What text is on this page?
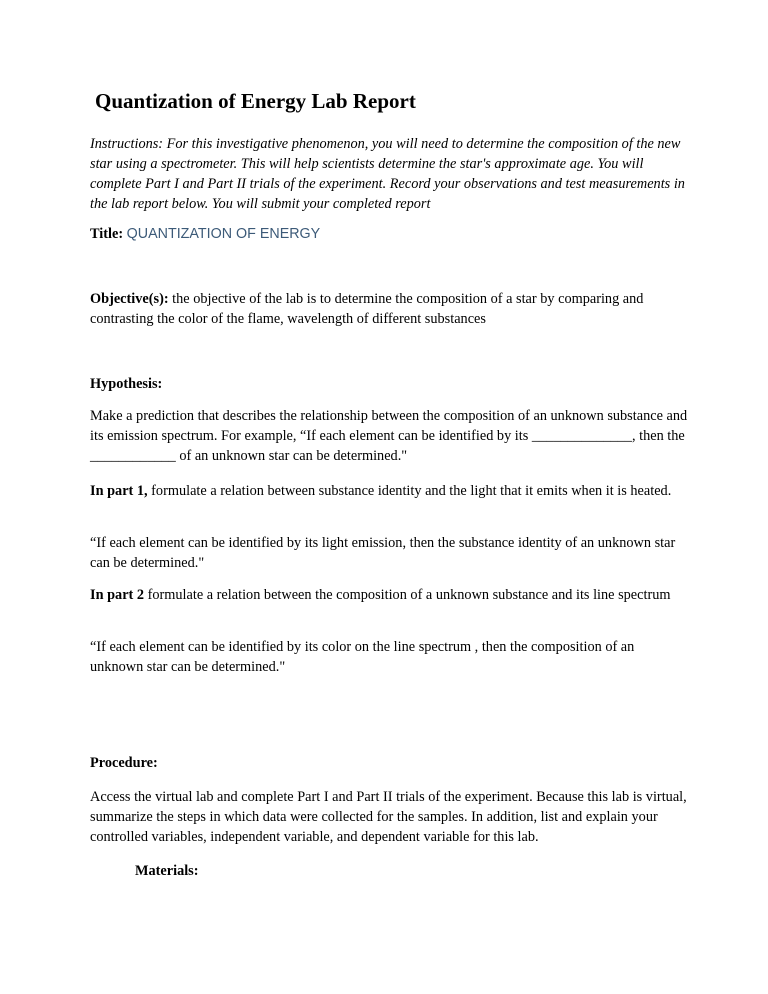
Quantization of Energy Lab Report

Instructions: For this investigative phenomenon, you will need to determine the composition of the new star using a spectrometer. This will help scientists determine the star's approximate age. You will complete Part I and Part II trials of the experiment. Record your observations and test measurements in the lab report below. You will submit your completed report

Title: QUANTIZATION OF ENERGY

Objective(s): the objective of the lab is to determine the composition of a star by comparing and contrasting the color of the flame, wavelength of different substances

Hypothesis:

Make a prediction that describes the relationship between the composition of an unknown substance and its emission spectrum. For example, “If each element can be identified by its ______________, then the ____________ of an unknown star can be determined."

In part 1, formulate a relation between substance identity and the light that it emits when it is heated.

“If each element can be identified by its light emission, then the substance identity of an unknown star can be determined."

In part 2 formulate a relation between the composition of a unknown substance and its line spectrum

“If each element can be identified by its color on the line spectrum , then the composition of an unknown star can be determined."

Procedure:

Access the virtual lab and complete Part I and Part II trials of the experiment. Because this lab is virtual, summarize the steps in which data were collected for the samples. In addition, list and explain your controlled variables, independent variable, and dependent variable for this lab.

Materials:
